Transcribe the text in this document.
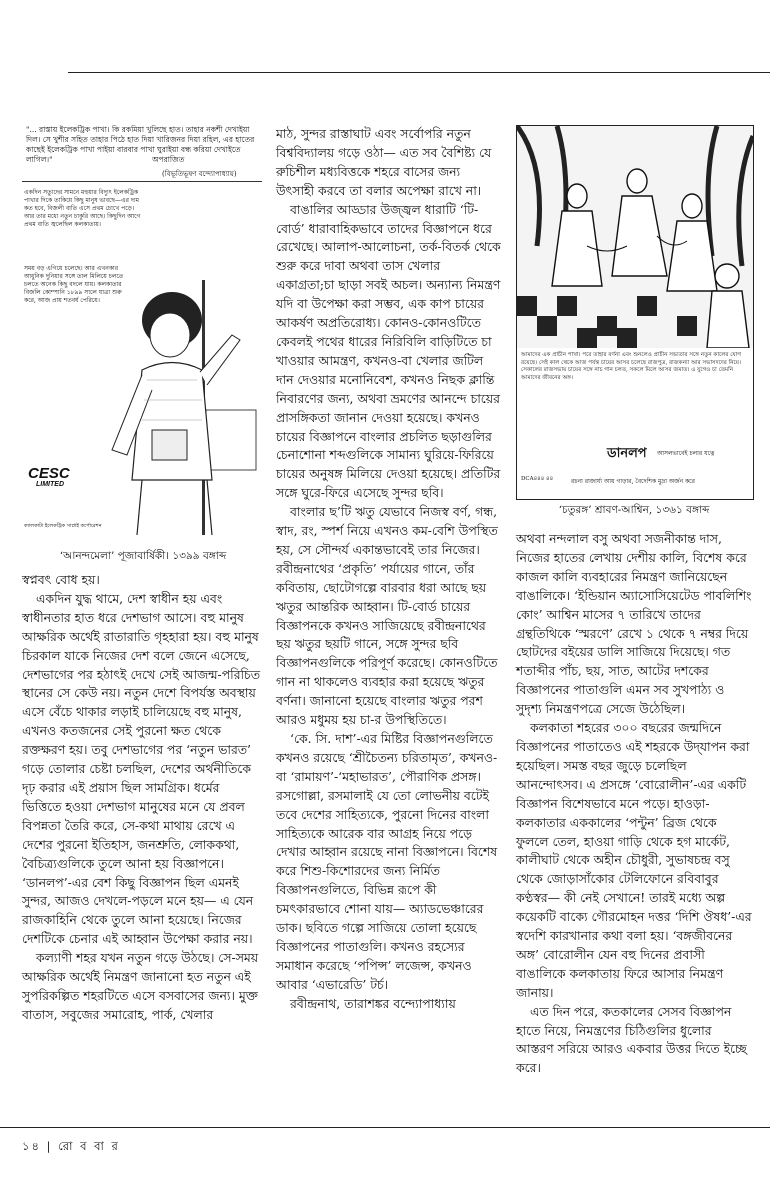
"... রাস্তায় ইলেকট্রিক পাখা। কি রকমিয়া খুলিছে হাত। তাহার নকশী দেখাইয়া দিল। সে খুশীর সহিত তাহার পিঠে হাত দিয়া খারিজনর দিয়া রহিল, এর হাতের কাছেই ইলেকট্রিক পাখা পাইয়া বারবার পাখা ঘুরাইয়া বন্ধ করিয়া দেখাইতে লাগিল।"	অপরাজিত
(বিভূতিভূষণ বন্দ্যোপাধ্যায়)
একদিন সত্যুদের সামনে মহুয়ার বিদ্যুৎ ইলেকট্রিক পাখার দিকে তাকিয়ে কিছু মানুষ ভাবছে—এর দাম কত হবে, বিজলী বাতি এসে প্রথম চোখে পড়ে। আর তার মধ্যে নতুন চাকুরি আছে। কিছুদিন আগে প্রথম বাতি জ্বলেছিল কলকাতায়।
সময় বড় এগিয়ে চলেছে। আর এখনকার আধুনিক দুনিয়ার সঙ্গে তাল মিলিয়ে চলতে চলতে অনেক কিছু বদলে যায়। কলকাতার বিজলি কোম্পানি ১৮৯৯ সালে যাত্রা শুরু করে, আজ প্রায় শতবর্ষ পেরিয়ে।
CESC
LIMITED
ক্যালকাটা ইলেকট্রিক সাপ্লাই কর্পোরেশন
‘আনন্দমেলা’ পূজাবার্ষিকী। ১৩৯৯ বঙ্গাব্দ

মাঠ, সুন্দর রাস্তাঘাট এবং সর্বোপরি নতুন বিশ্ববিদ্যালয় গড়ে ওঠা— এত সব বৈশিষ্ট্য যে রুচিশীল মধ্যবিত্তকে শহরে বাসের জন্য উৎসাহী করবে তা বলার অপেক্ষা রাখে না।

বাঙালির আড্ডার উজ্জ্বল ধারাটি ‘টি-বোর্ড’ ধারাবাহিকভাবে তাদের বিজ্ঞাপনে ধরে রেখেছে। আলাপ-আলোচনা, তর্ক-বিতর্ক থেকে শুরু করে দাবা অথবা তাস খেলার একাগ্রতা;চা ছাড়া সবই অচল। অন্যান্য নিমন্ত্রণ যদি বা উপেক্ষা করা সম্ভব, এক কাপ চায়ের আকর্ষণ অপ্রতিরোধ্য। কোনও-কোনওটিতে কেবলই পথের ধারের নিরিবিলি বাড়িটিতে চা খাওয়ার আমন্ত্রণ, কখনও-বা খেলার জটিল দান দেওয়ার মনোনিবেশ, কখনও নিছক ক্লান্তি নিবারণের জন্য, অথবা ভ্রমণের আনন্দে চায়ের প্রাসঙ্গিকতা জানান দেওয়া হয়েছে। কখনও চায়ের বিজ্ঞাপনে বাংলার প্রচলিত ছড়াগুলির চেনাশোনা শব্দগুলিকে সামান্য ঘুরিয়ে-ফিরিয়ে চায়ের অনুষঙ্গ মিলিয়ে দেওয়া হয়েছে। প্রতিটির সঙ্গে ঘুরে-ফিরে এসেছে সুন্দর ছবি।

বাংলার ছ’টি ঋতু যেভাবে নিজস্ব বর্ণ, গন্ধ, স্বাদ, রং, স্পর্শ নিয়ে এখনও কম-বেশি উপস্থিত হয়, সে সৌন্দর্য একান্তভাবেই তার নিজের। রবীন্দ্রনাথের ‘প্রকৃতি’ পর্যায়ের গানে, তাঁর কবিতায়, ছোটোগল্পে বারবার ধরা আছে ছয় ঋতুর আন্তরিক আহ্বান। টি-বোর্ড চায়ের বিজ্ঞাপনকে কখনও সাজিয়েছে রবীন্দ্রনাথের ছয় ঋতুর ছয়টি গানে, সঙ্গে সুন্দর ছবি বিজ্ঞাপনগুলিকে পরিপূর্ণ করেছে। কোনওটিতে গান না থাকলেও ব্যবহার করা হয়েছে ঋতুর বর্ণনা। জানানো হয়েছে বাংলার ঋতুর পরশ আরও মধুময় হয় চা-র উপস্থিতিতে।

‘কে. সি. দাশ’-এর মিষ্টির বিজ্ঞাপনগুলিতে কখনও রয়েছে ‘শ্রীচৈতন্য চরিতামৃত’, কখনও-বা ‘রামায়ণ’-‘মহাভারত’, পৌরাণিক প্রসঙ্গ। রসগোল্লা, রসমালাই যে তো লোভনীয় বটেই তবে দেশের সাহিত্যকে, পুরনো দিনের বাংলা সাহিত্যকে আরেক বার আগ্রহ নিয়ে পড়ে দেখার আহ্বান রয়েছে নানা বিজ্ঞাপনে। বিশেষ করে শিশু-কিশোরদের জন্য নির্মিত বিজ্ঞাপনগুলিতে, বিভিন্ন রূপে কী চমৎকারভাবে শোনা যায়— অ্যাডভেঞ্চারের ডাক। ছবিতে গল্পে সাজিয়ে তোলা হয়েছে বিজ্ঞাপনের পাতাগুলি। কখনও রহস্যের সমাধান করেছে ‘পপিন্স’ লজেন্স, কখনও আবার ‘এভারেডি’ টর্চ।

রবীন্দ্রনাথ, তারাশঙ্কর বন্দ্যোপাধ্যায়

আমাদের এক প্রাচীন পাখা। পরে তাহার বর্ণনা এবং শুনলেও প্রাচীন সভ্যতার সঙ্গে নতুন কালের যোগ রয়েছে। সেই কাল থেকে আজ পর্যন্ত চায়ের আসর চলেছে রাজপুত্র, রাজকন্যা আর সভাসদদের নিয়ে। সেকালের রাজসভায় চায়ের সঙ্গে নাচ গান চলত, সকলে মিলে আসর জমাত। এ যুগেও চা তেমনি আমাদের জীবনের অঙ্গ।
ডানলপ আসলভাবেই চলার যত্নে
DCA৪৪৪ ৪৪	রচনা রাজার্য্য আয় গাড়ার, বৈদেশিক মুদ্রা অর্জন করে
‘চতুরঙ্গ’ শ্রাবণ-আশ্বিন, ১৩৬১ বঙ্গাব্দ

স্বপ্নবৎ বোধ হয়।

একদিন যুদ্ধ থামে, দেশ স্বাধীন হয় এবং স্বাধীনতার হাত ধরে দেশভাগ আসে। বহু মানুষ আক্ষরিক অর্থেই রাতারাতি গৃহহারা হয়। বহু মানুষ চিরকাল যাকে নিজের দেশ বলে জেনে এসেছে, দেশভাগের পর হঠাৎই দেখে সেই আজন্ম-পরিচিত স্থানের সে কেউ নয়। নতুন দেশে বিপর্যস্ত অবস্থায় এসে বেঁচে থাকার লড়াই চালিয়েছে বহু মানুষ, এখনও কতজনের সেই পুরনো ক্ষত থেকে রক্তক্ষরণ হয়। তবু দেশভাগের পর ‘নতুন ভারত’ গড়ে তোলার চেষ্টা চলছিল, দেশের অর্থনীতিকে দৃঢ় করার এই প্রয়াস ছিল সামগ্রিক। ধর্মের ভিত্তিতে হওয়া দেশভাগ মানুষের মনে যে প্রবল বিপন্নতা তৈরি করে, সে-কথা মাথায় রেখে এ দেশের পুরনো ইতিহাস, জনশ্রুতি, লোককথা, বৈচিত্র্যগুলিকে তুলে আনা হয় বিজ্ঞাপনে। ‘ডানলপ’-এর বেশ কিছু বিজ্ঞাপন ছিল এমনই সুন্দর, আজও দেখলে-পড়লে মনে হয়— এ যেন রাজকাহিনি থেকে তুলে আনা হয়েছে। নিজের দেশটিকে চেনার এই আহ্বান উপেক্ষা করার নয়।

কল্যাণী শহর যখন নতুন গড়ে উঠছে। সে-সময় আক্ষরিক অর্থেই নিমন্ত্রণ জানানো হত নতুন এই সুপরিকল্পিত শহরটিতে এসে বসবাসের জন্য। মুক্ত বাতাস, সবুজের সমারোহ, পার্ক, খেলার

অথবা নন্দলাল বসু অথবা সজনীকান্ত দাস, নিজের হাতের লেখায় দেশীয় কালি, বিশেষ করে কাজল কালি ব্যবহারের নিমন্ত্রণ জানিয়েছেন বাঙালিকে। ‘ইন্ডিয়ান অ্যাসোসিয়েটেড পাবলিশিং কোং’ আশ্বিন মাসের ৭ তারিখে তাদের গ্রন্থতিথিকে ‘স্মরণে’ রেখে ১ থেকে ৭ নম্বর দিয়ে ছোটদের বইয়ের ডালি সাজিয়ে দিয়েছে। গত শতাব্দীর পাঁচ, ছয়, সাত, আটের দশকের বিজ্ঞাপনের পাতাগুলি এমন সব সুখপাঠ্য ও সুদৃশ্য নিমন্ত্রণপত্রে সেজে উঠেছিল।

কলকাতা শহরের ৩০০ বছরের জন্মদিনে বিজ্ঞাপনের পাতাতেও এই শহরকে উদ্‌যাপন করা হয়েছিল। সমস্ত বছর জুড়ে চলেছিল আনন্দোৎসব। এ প্রসঙ্গে ‘বোরোলীন’-এর একটি বিজ্ঞাপন বিশেষভাবে মনে পড়ে। হাওড়া-কলকাতার এককালের ‘পন্টুন’ ব্রিজ থেকে ফুললে তেল, হাওয়া গাড়ি থেকে হগ মার্কেট, কালীঘাট থেকে অহীন চৌধুরী, সুভাষচন্দ্র বসু থেকে জোড়াসাঁকোর টেলিফোনে রবিবাবুর কণ্ঠস্বর— কী নেই সেখানে! তারই মধ্যে অল্প কয়েকটি বাক্যে গৌরমোহন দত্তর ‘দিশি ঔষধ’-এর স্বদেশি কারখানার কথা বলা হয়। ‘বঙ্গজীবনের অঙ্গ’ বোরোলীন যেন বহু দিনের প্রবাসী বাঙালিকে কলকাতায় ফিরে আসার নিমন্ত্রণ জানায়।

এত দিন পরে, কতকালের সেসব বিজ্ঞাপন হাতে নিয়ে, নিমন্ত্রণের চিঠিগুলির ধুলোর আস্তরণ সরিয়ে আরও একবার উত্তর দিতে ইচ্ছে করে।

১৪ | রো ব বা র
